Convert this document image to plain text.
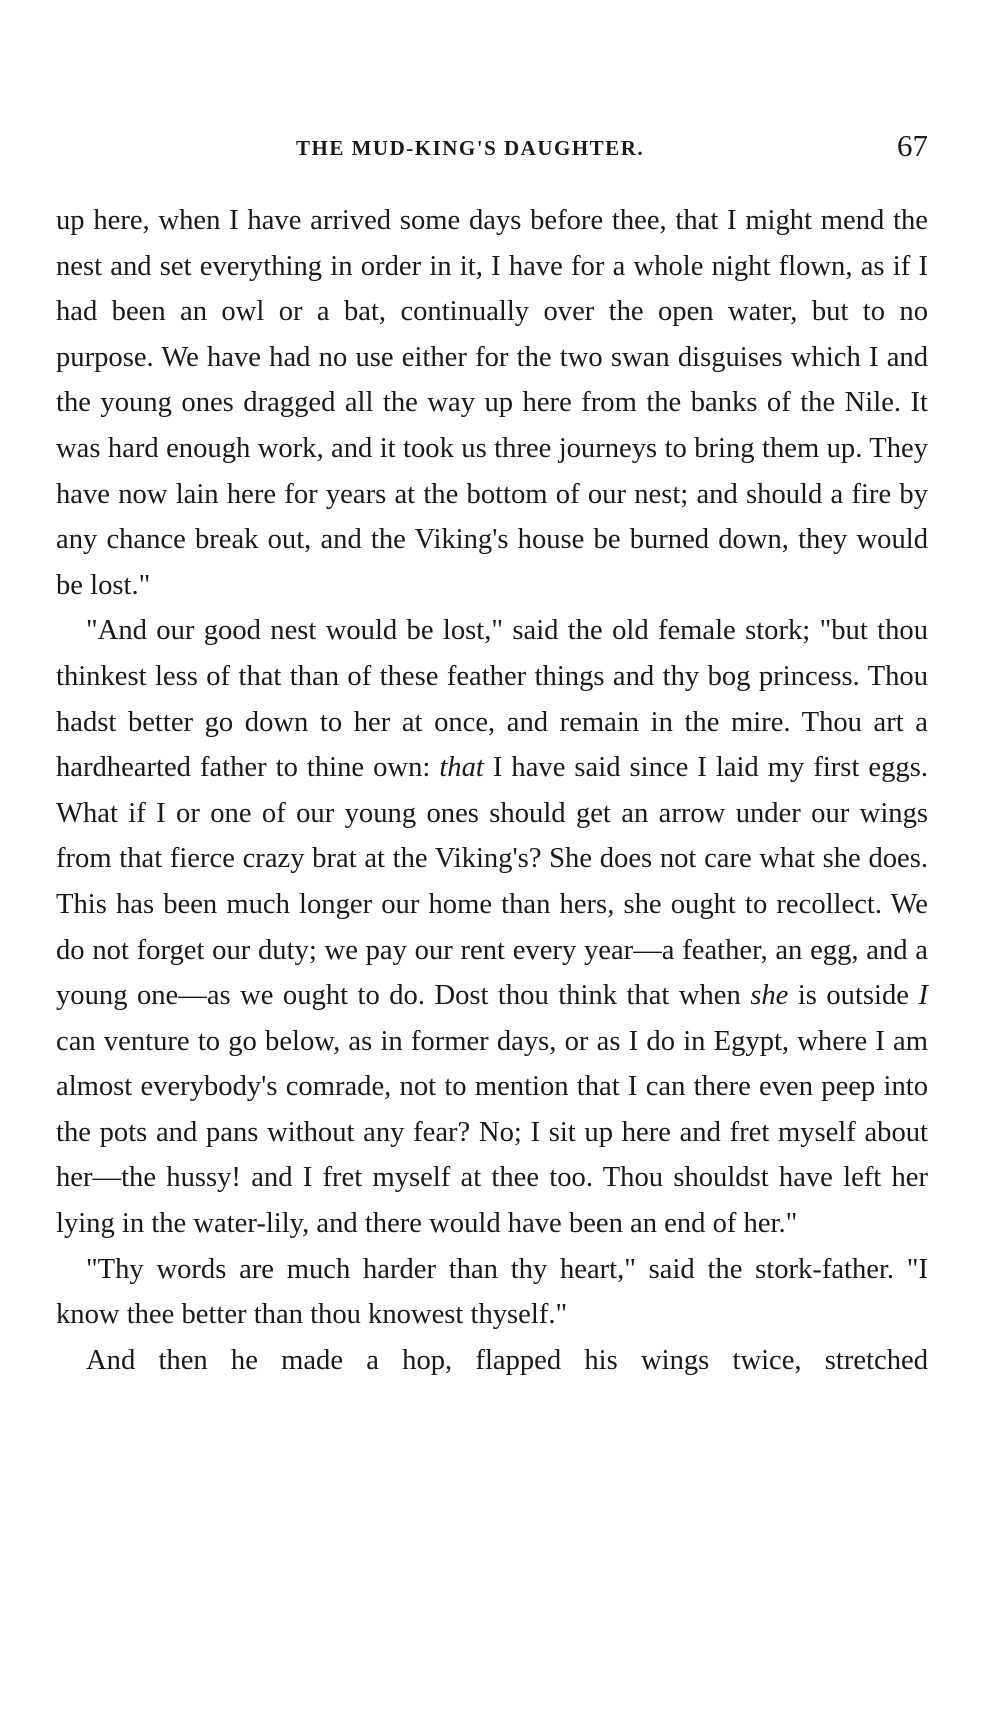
THE MUD-KING'S DAUGHTER.	67

up here, when I have arrived some days before thee, that I might mend the nest and set everything in order in it, I have for a whole night flown, as if I had been an owl or a bat, continually over the open water, but to no purpose. We have had no use either for the two swan disguises which I and the young ones dragged all the way up here from the banks of the Nile. It was hard enough work, and it took us three journeys to bring them up. They have now lain here for years at the bottom of our nest; and should a fire by any chance break out, and the Viking's house be burned down, they would be lost."

"And our good nest would be lost," said the old female stork; "but thou thinkest less of that than of these feather things and thy bog princess. Thou hadst better go down to her at once, and remain in the mire. Thou art a hardhearted father to thine own: that I have said since I laid my first eggs. What if I or one of our young ones should get an arrow under our wings from that fierce crazy brat at the Viking's? She does not care what she does. This has been much longer our home than hers, she ought to recollect. We do not forget our duty; we pay our rent every year—a feather, an egg, and a young one—as we ought to do. Dost thou think that when she is outside I can venture to go below, as in former days, or as I do in Egypt, where I am almost everybody's comrade, not to mention that I can there even peep into the pots and pans without any fear? No; I sit up here and fret myself about her—the hussy! and I fret myself at thee too. Thou shouldst have left her lying in the water-lily, and there would have been an end of her."

"Thy words are much harder than thy heart," said the stork-father. "I know thee better than thou knowest thyself."

And then he made a hop, flapped his wings twice, stretched
